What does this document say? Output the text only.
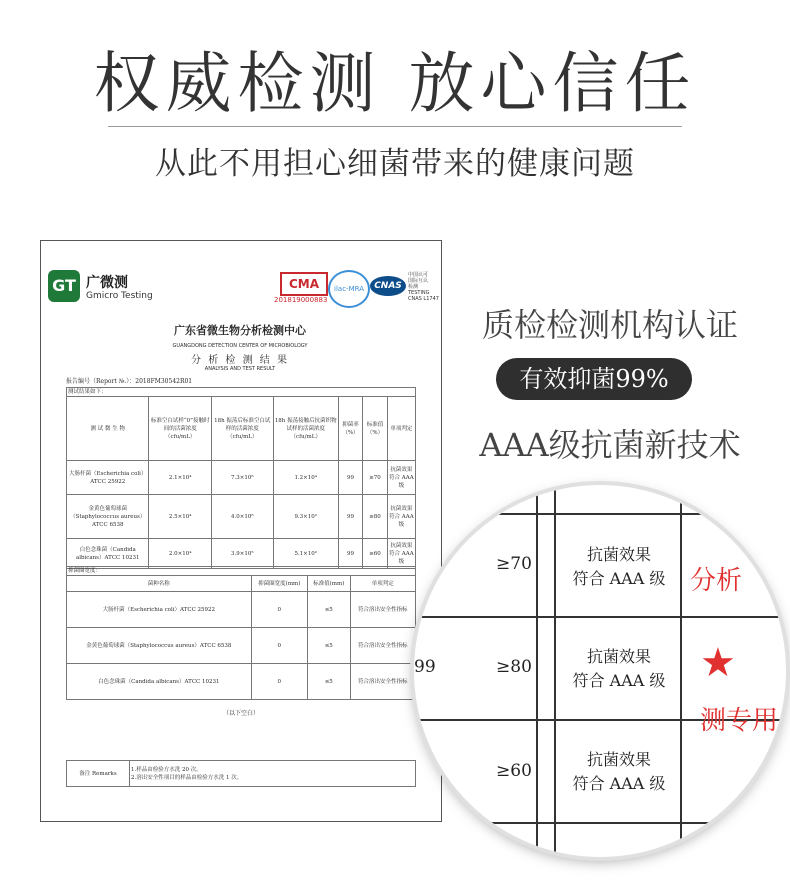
权威检测 放心信任
从此不用担心细菌带来的健康问题
GT 广微测
Gmicro Testing
CMA
201819000883
ilac-MRA	CNAS
中国认可
国际互认
检测
TESTING
CNAS L1747
广东省微生物分析检测中心
GUANGDONG DETECTION CENTER OF MICROBIOLOGY
分 析 检 测 结 果
ANALYSIS AND TEST RESULT
报告编号（Report №.）：2018FM30542R01
测试结果如下：						
测 试 微 生 物	标准空白试样“0”接触时间的活菌浓度（cfu/mL）	18h 振荡后标准空白试样的活菌浓度（cfu/mL）	18h 振荡接触后抗菌织物试样的活菌浓度（cfu/mL）	抑菌率（%）	标准值（%）	单项判定
大肠杆菌（Escherichia coli）ATCC 25922	2.1×10⁴	7.3×10⁶	1.2×10⁴	99	≥70	抗菌效果符合 AAA 级
金黄色葡萄球菌（Staphylococcus aureus）ATCC 6538	2.5×10⁴	4.0×10⁶	9.3×10²	99	≥80	抗菌效果符合 AAA 级
白色念珠菌（Candida albicans）ATCC 10231	2.0×10⁴	3.9×10⁵	5.1×10²	99	≥60	抗菌效果符合 AAA 级
抑菌圈宽度：			
菌种名称	抑菌圈宽度(mm)	标准值(mm)	单项判定
大肠杆菌（Escherichia coli）ATCC 25922	0	≤5	符合溶出安全性指标
金黄色葡萄球菌（Staphylococcus aureus）ATCC 6538	0	≤5	符合溶出安全性指标
白色念珠菌（Candida albicans）ATCC 10231	0	≤5	符合溶出安全性指标
（以下空白）
备注 Remarks	
1.样品由检验方水洗 20 次。
2.溶出安全性项目的样品由检验方水洗 1 次。
质检检测机构认证
有效抑菌99%
AAA级抗菌新技术
99
≥70
≥80
≥60
抗菌效果
符合 AAA 级
抗菌效果
符合 AAA 级
抗菌效果
符合 AAA 级
分析
★
测专用
